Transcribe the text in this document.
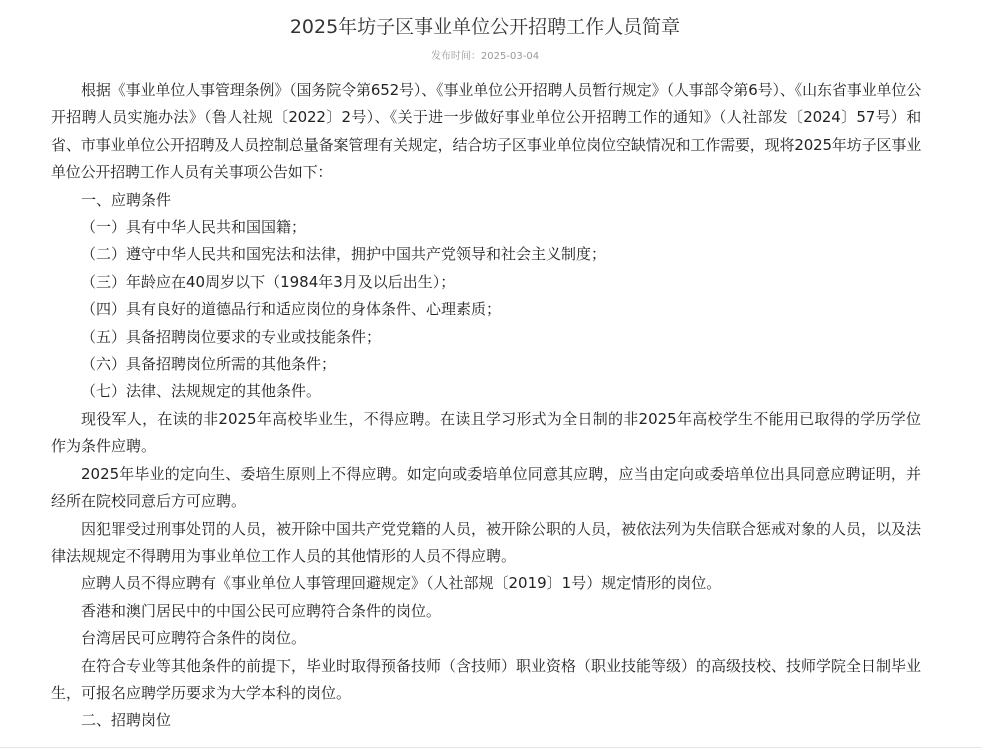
2025年坊子区事业单位公开招聘工作人员简章
发布时间：2025-03-04

根据《事业单位人事管理条例》（国务院令第652号）、《事业单位公开招聘人员暂行规定》（人事部令第6号）、《山东省事业单位公开招聘人员实施办法》（鲁人社规〔2022〕2号）、《关于进一步做好事业单位公开招聘工作的通知》（人社部发〔2024〕57号）和省、市事业单位公开招聘及人员控制总量备案管理有关规定，结合坊子区事业单位岗位空缺情况和工作需要，现将2025年坊子区事业单位公开招聘工作人员有关事项公告如下：

一、应聘条件

（一）具有中华人民共和国国籍；

（二）遵守中华人民共和国宪法和法律，拥护中国共产党领导和社会主义制度；

（三）年龄应在40周岁以下（1984年3月及以后出生）；

（四）具有良好的道德品行和适应岗位的身体条件、心理素质；

（五）具备招聘岗位要求的专业或技能条件；

（六）具备招聘岗位所需的其他条件；

（七）法律、法规规定的其他条件。

现役军人，在读的非2025年高校毕业生，不得应聘。在读且学习形式为全日制的非2025年高校学生不能用已取得的学历学位作为条件应聘。

2025年毕业的定向生、委培生原则上不得应聘。如定向或委培单位同意其应聘，应当由定向或委培单位出具同意应聘证明，并经所在院校同意后方可应聘。

因犯罪受过刑事处罚的人员，被开除中国共产党党籍的人员，被开除公职的人员，被依法列为失信联合惩戒对象的人员，以及法律法规规定不得聘用为事业单位工作人员的其他情形的人员不得应聘。

应聘人员不得应聘有《事业单位人事管理回避规定》（人社部规〔2019〕1号）规定情形的岗位。

香港和澳门居民中的中国公民可应聘符合条件的岗位。

台湾居民可应聘符合条件的岗位。

在符合专业等其他条件的前提下，毕业时取得预备技师（含技师）职业资格（职业技能等级）的高级技校、技师学院全日制毕业生，可报名应聘学历要求为大学本科的岗位。

二、招聘岗位
